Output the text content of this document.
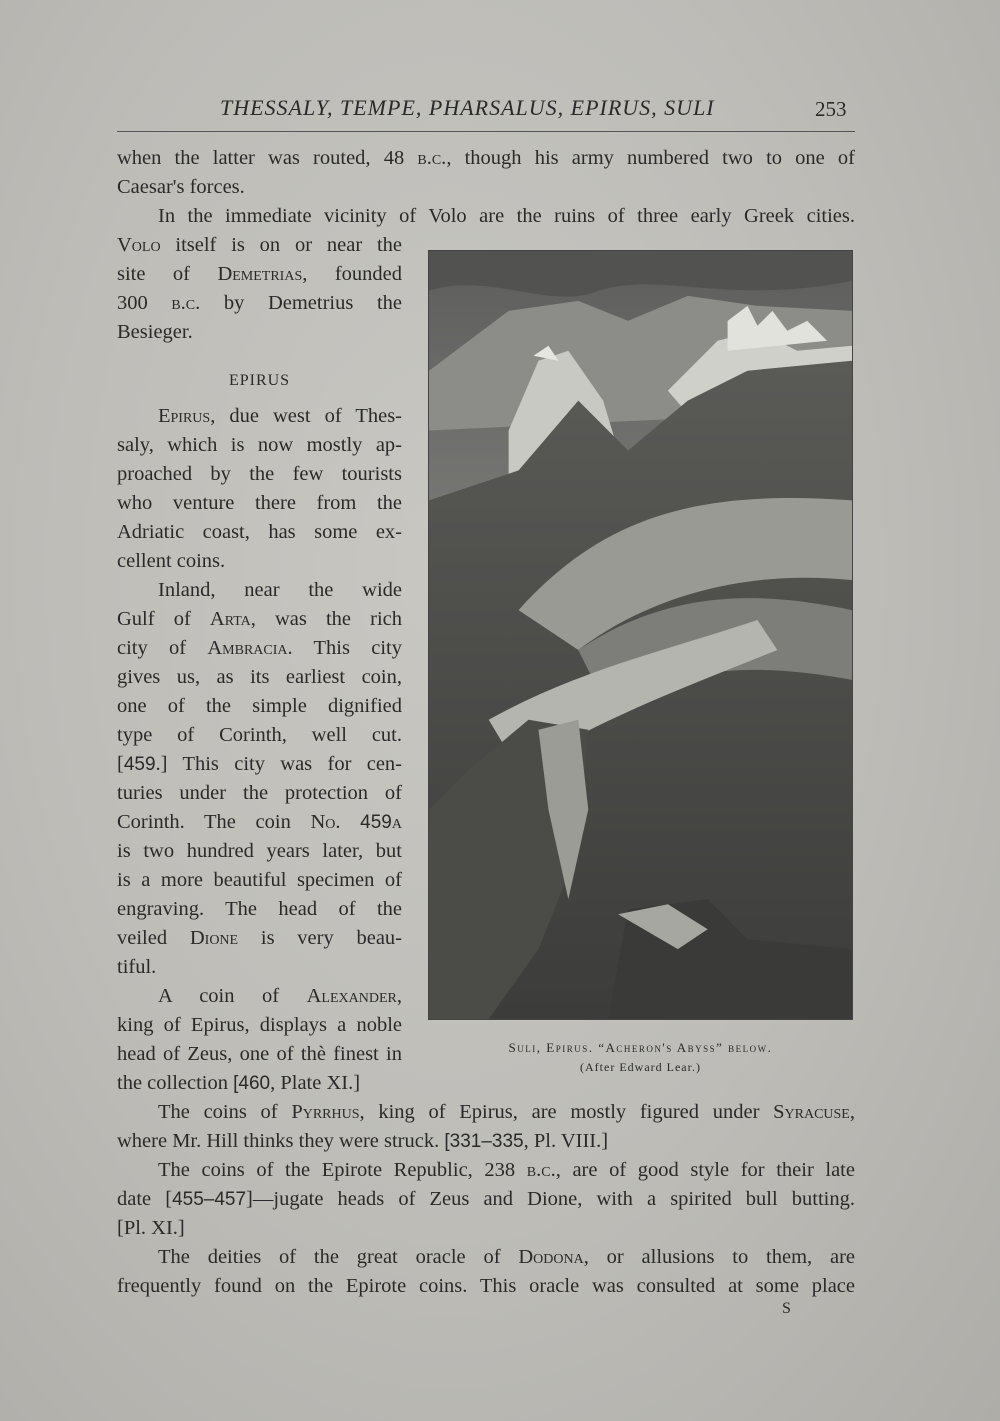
THESSALY, TEMPE, PHARSALUS, EPIRUS, SULI	253
when the latter was routed, 48 b.c., though his army numbered two to one of
Caesar's forces.
In the immediate vicinity of Volo are the ruins of three early Greek cities.
Volo itself is on or near the
site of Demetrias, founded
300 b.c. by Demetrius the
Besieger.
EPIRUS
Epirus, due west of Thes-
saly, which is now mostly ap-
proached by the few tourists
who venture there from the
Adriatic coast, has some ex-
cellent coins.
Inland, near the wide
Gulf of Arta, was the rich
city of Ambracia. This city
gives us, as its earliest coin,
one of the simple dignified
type of Corinth, well cut.
[459.] This city was for cen-
turies under the protection of
Corinth. The coin No. 459a
is two hundred years later, but
is a more beautiful specimen of
engraving. The head of the
veiled Dione is very beau-
tiful.
A coin of Alexander,
king of Epirus, displays a noble
head of Zeus, one of thè finest in
the collection [460, Plate XI.]
Suli, Epirus. “Acheron's Abyss” below.
(After Edward Lear.)
The coins of Pyrrhus, king of Epirus, are mostly figured under Syracuse,
where Mr. Hill thinks they were struck. [331–335, Pl. VIII.]
The coins of the Epirote Republic, 238 b.c., are of good style for their late
date [455–457]—jugate heads of Zeus and Dione, with a spirited bull butting.
[Pl. XI.]
The deities of the great oracle of Dodona, or allusions to them, are
frequently found on the Epirote coins. This oracle was consulted at some place
S
